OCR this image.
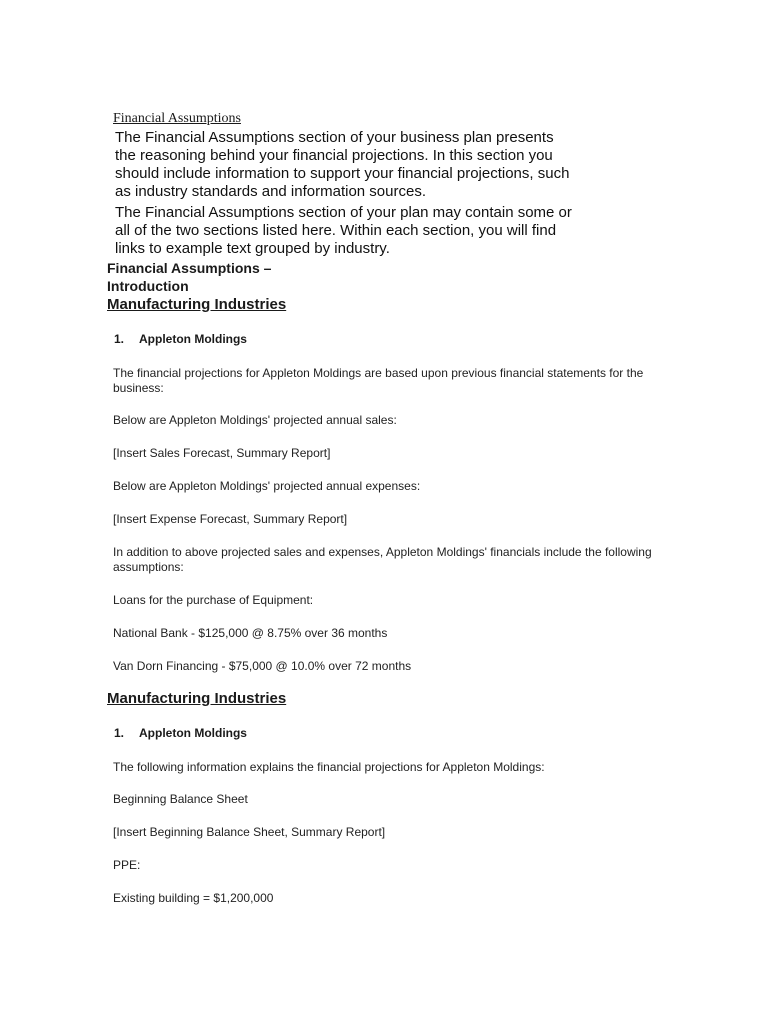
Financial Assumptions

The Financial Assumptions section of your business plan presents the reasoning behind your financial projections. In this section you should include information to support your financial projections, such as industry standards and information sources.

The Financial Assumptions section of your plan may contain some or all of the two sections listed here. Within each section, you will find links to example text grouped by industry.

Financial Assumptions –
Introduction
Manufacturing Industries
1. Appleton Moldings
The financial projections for Appleton Moldings are based upon previous financial statements for the business:
Below are Appleton Moldings' projected annual sales:
[Insert Sales Forecast, Summary Report]
Below are Appleton Moldings' projected annual expenses:
[Insert Expense Forecast, Summary Report]
In addition to above projected sales and expenses, Appleton Moldings' financials include the following assumptions:
Loans for the purchase of Equipment:
National Bank - $125,000 @ 8.75% over 36 months
Van Dorn Financing - $75,000 @ 10.0% over 72 months
Manufacturing Industries
1. Appleton Moldings
The following information explains the financial projections for Appleton Moldings:
Beginning Balance Sheet
[Insert Beginning Balance Sheet, Summary Report]
PPE:
Existing building = $1,200,000
